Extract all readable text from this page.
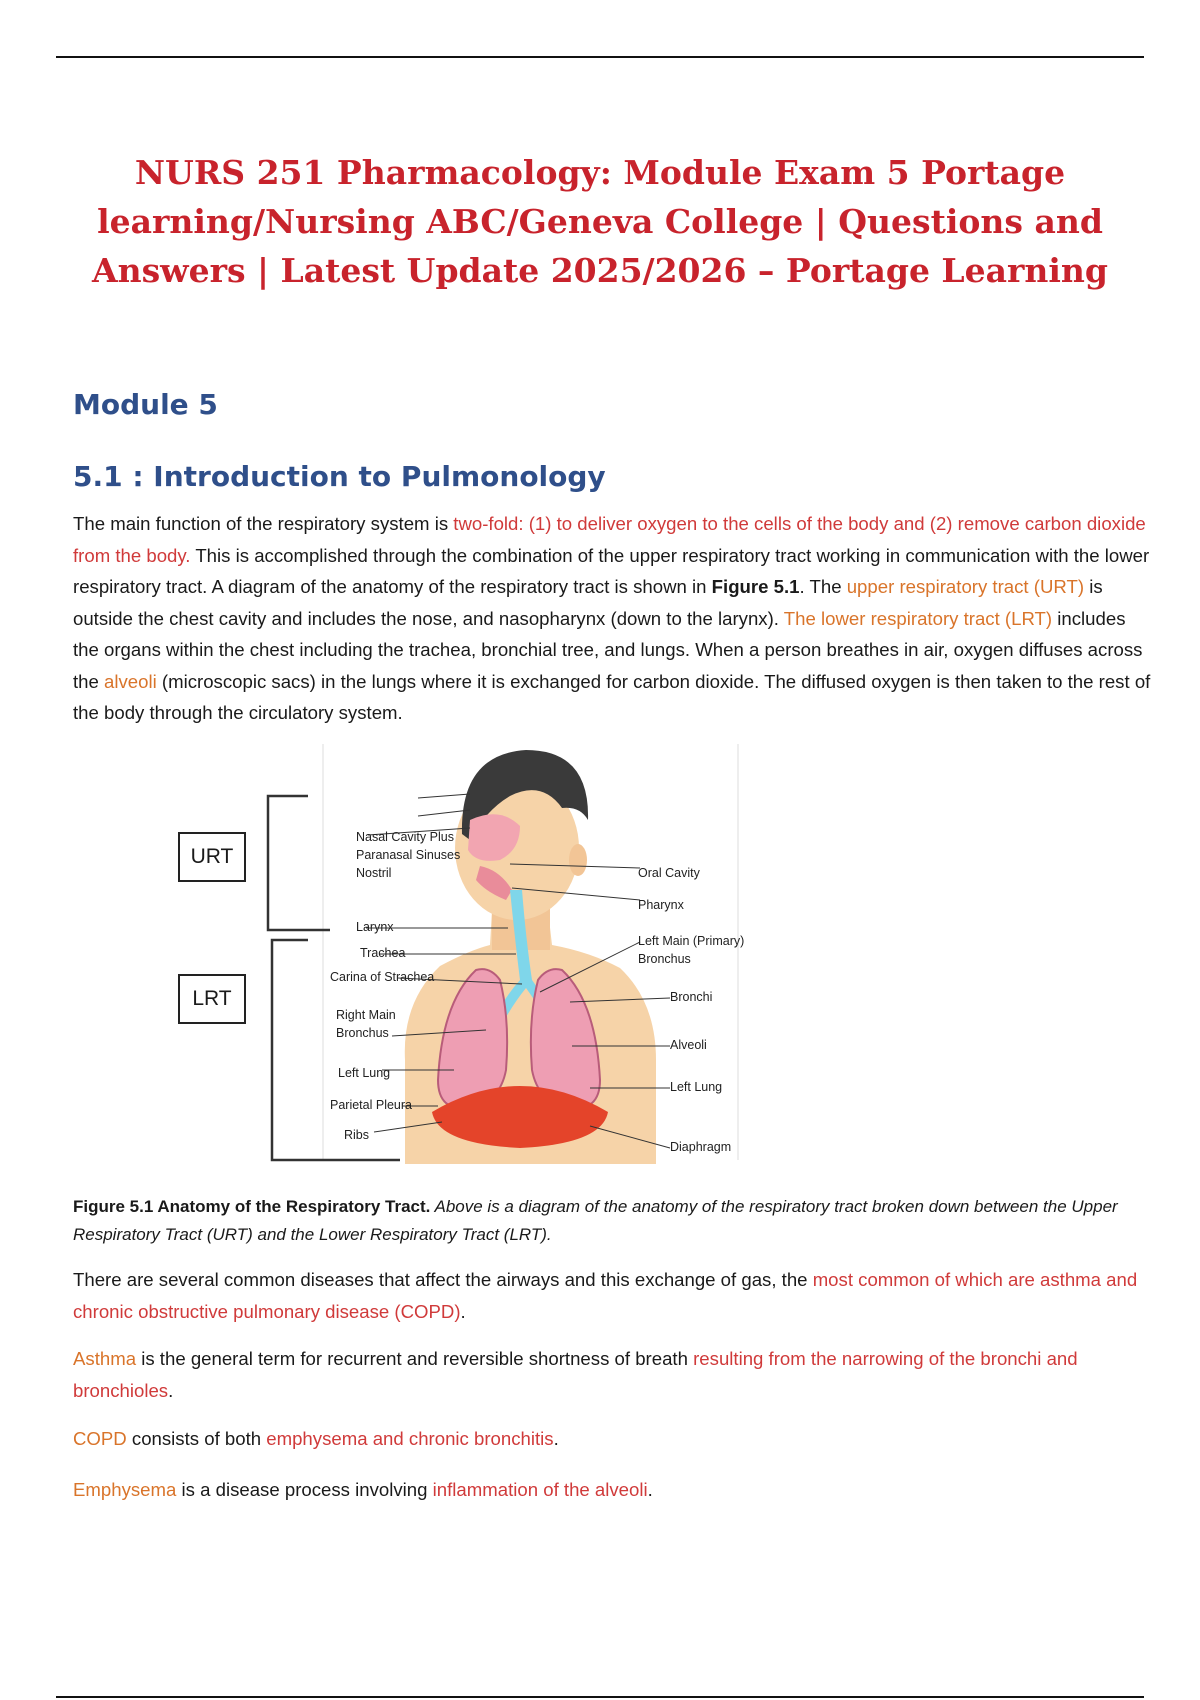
NURS 251 Pharmacology: Module Exam 5 Portage learning/Nursing ABC/Geneva College | Questions and Answers | Latest Update 2025/2026 – Portage Learning
Module 5
5.1 : Introduction to Pulmonology

The main function of the respiratory system is two-fold: (1) to deliver oxygen to the cells of the body and (2) remove carbon dioxide from the body. This is accomplished through the combination of the upper respiratory tract working in communication with the lower respiratory tract. A diagram of the anatomy of the respiratory tract is shown in Figure 5.1. The upper respiratory tract (URT) is outside the chest cavity and includes the nose, and nasopharynx (down to the larynx). The lower respiratory tract (LRT) includes the organs within the chest including the trachea, bronchial tree, and lungs. When a person breathes in air, oxygen diffuses across the alveoli (microscopic sacs) in the lungs where it is exchanged for carbon dioxide. The diffused oxygen is then taken to the rest of the body through the circulatory system.

URT
LRT
Nasal Cavity Plus
Paranasal Sinuses
Nostril
Larynx
Trachea
Carina of Strachea
Right Main
Bronchus
Left Lung
Parietal Pleura
Ribs
Oral Cavity
Pharynx
Left Main (Primary)
Bronchus
Bronchi
Alveoli
Left Lung
Diaphragm

Figure 5.1 Anatomy of the Respiratory Tract. Above is a diagram of the anatomy of the respiratory tract broken down between the Upper Respiratory Tract (URT) and the Lower Respiratory Tract (LRT).

There are several common diseases that affect the airways and this exchange of gas, the most common of which are asthma and chronic obstructive pulmonary disease (COPD).

Asthma is the general term for recurrent and reversible shortness of breath resulting from the narrowing of the bronchi and bronchioles.

COPD consists of both emphysema and chronic bronchitis.

Emphysema is a disease process involving inflammation of the alveoli.
